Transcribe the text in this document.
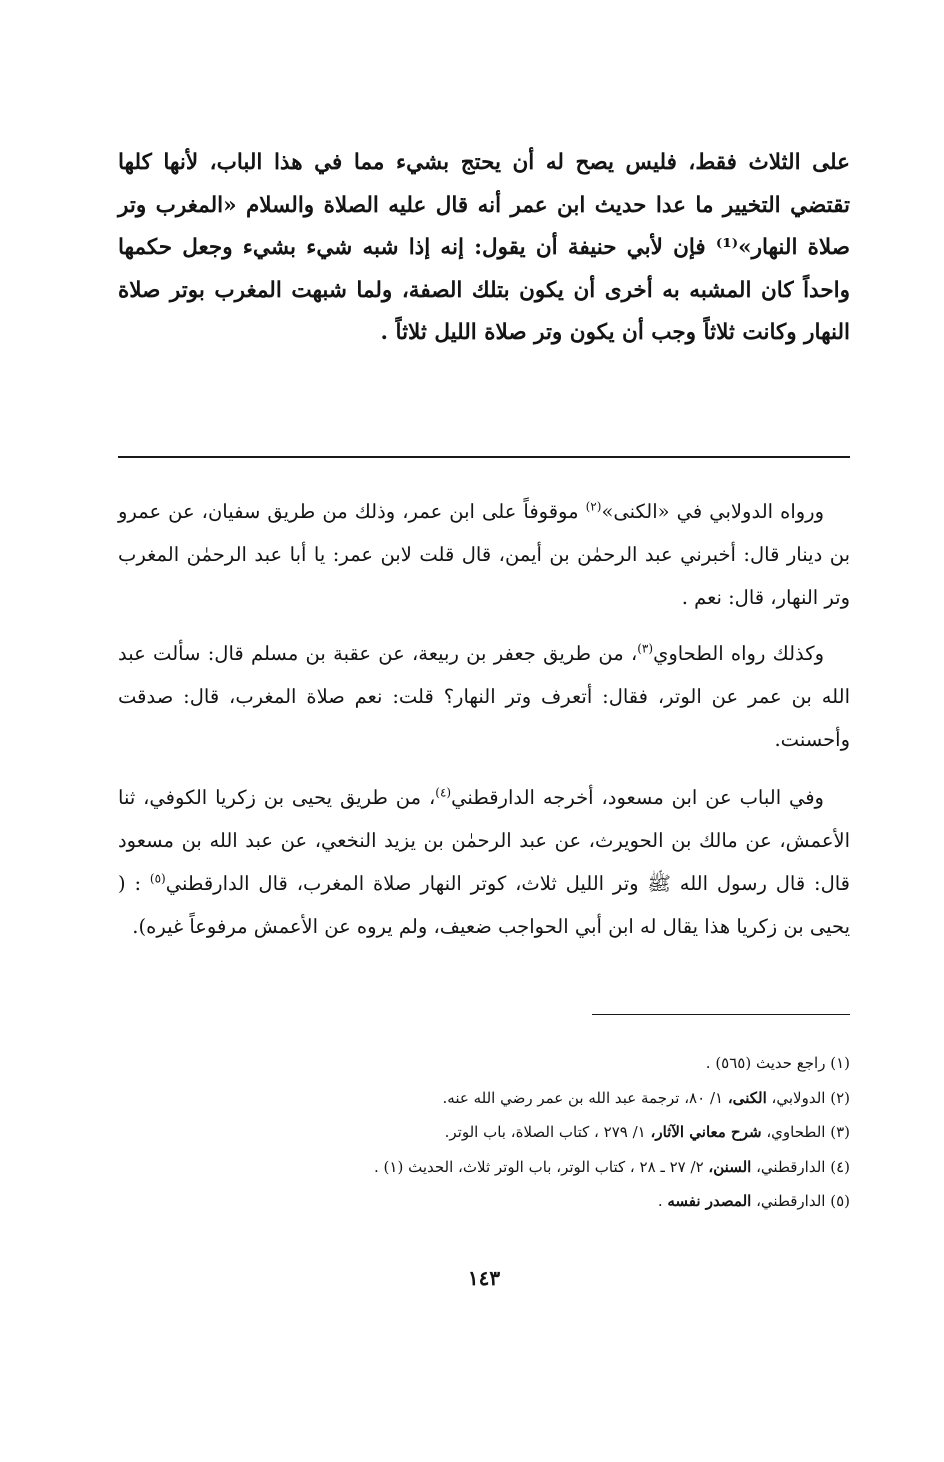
على الثلاث فقط، فليس يصح له أن يحتج بشيء مما في هذا الباب، لأنها كلها تقتضي التخيير ما عدا حديث ابن عمر أنه قال عليه الصلاة والسلام «المغرب وتر صلاة النهار»⁽¹⁾ فإن لأبي حنيفة أن يقول: إنه إذا شبه شيء بشيء وجعل حكمها واحداً كان المشبه به أخرى أن يكون بتلك الصفة، ولما شبهت المغرب بوتر صلاة النهار وكانت ثلاثاً وجب أن يكون وتر صلاة الليل ثلاثاً .

ورواه الدولابي في «الكنى»$^{(٢)}$ موقوفاً على ابن عمر، وذلك من طريق سفيان، عن عمرو بن دينار قال: أخبرني عبد الرحمٰن بن أيمن، قال قلت لابن عمر: يا أبا عبد الرحمٰن المغرب وتر النهار، قال: نعم .

وكذلك رواه الطحاوي$^{(٣)}$، من طريق جعفر بن ربيعة، عن عقبة بن مسلم قال: سألت عبد الله بن عمر عن الوتر، فقال: أتعرف وتر النهار؟ قلت: نعم صلاة المغرب، قال: صدقت وأحسنت.

وفي الباب عن ابن مسعود، أخرجه الدارقطني$^{(٤)}$، من طريق يحيى بن زكريا الكوفي، ثنا الأعمش، عن مالك بن الحويرث، عن عبد الرحمٰن بن يزيد النخعي، عن عبد الله بن مسعود قال: قال رسول الله ﷺ وتر الليل ثلاث، كوتر النهار صلاة المغرب، قال الدارقطني$^{(٥)}$ : ( يحيى بن زكريا هذا يقال له ابن أبي الحواجب ضعيف، ولم يروه عن الأعمش مرفوعاً غيره).

(١) راجع حديث (٥٦٥) .
(٢) الدولابي، الكنى، ١/ ٨٠، ترجمة عبد الله بن عمر رضي الله عنه.
(٣) الطحاوي، شرح معاني الآثار، ١/ ٢٧٩ ، كتاب الصلاة، باب الوتر.
(٤) الدارقطني، السنن، ٢/ ٢٧ ـ ٢٨ ، كتاب الوتر، باب الوتر ثلاث، الحديث (١) .
(٥) الدارقطني، المصدر نفسه .
١٤٣
